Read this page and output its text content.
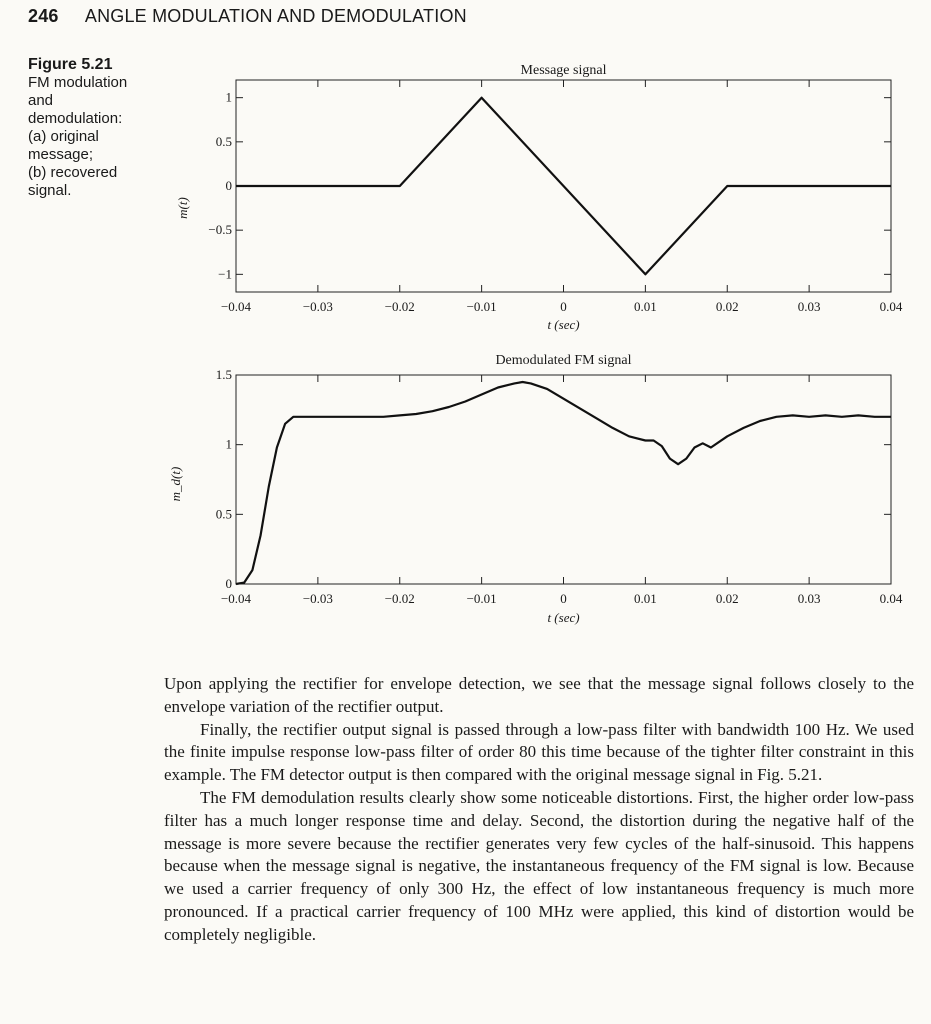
246 ANGLE MODULATION AND DEMODULATION
Figure 5.21
FM modulation
and
demodulation:
(a) original
message;
(b) recovered
signal.
−0.04	−0.03	−0.02	−0.01	0	0.01	0.02	0.03	0.04
1
0.5
0
−0.5
−1
Message signal
t (sec)
m(t)
−0.04	−0.03	−0.02	−0.01	0	0.01	0.02	0.03	0.04
1.5
1
0.5
0
Demodulated FM signal
t (sec)
m_d(t)

Upon applying the rectifier for envelope detection, we see that the message signal follows closely to the envelope variation of the rectifier output.

Finally, the rectifier output signal is passed through a low-pass filter with bandwidth 100 Hz. We used the finite impulse response low-pass filter of order 80 this time because of the tighter filter constraint in this example. The FM detector output is then compared with the original message signal in Fig. 5.21.

The FM demodulation results clearly show some noticeable distortions. First, the higher order low-pass filter has a much longer response time and delay. Second, the distortion during the negative half of the message is more severe because the rectifier generates very few cycles of the half-sinusoid. This happens because when the message signal is negative, the instantaneous frequency of the FM signal is low. Because we used a carrier frequency of only 300 Hz, the effect of low instantaneous frequency is much more pronounced. If a practical carrier frequency of 100 MHz were applied, this kind of distortion would be completely negligible.
